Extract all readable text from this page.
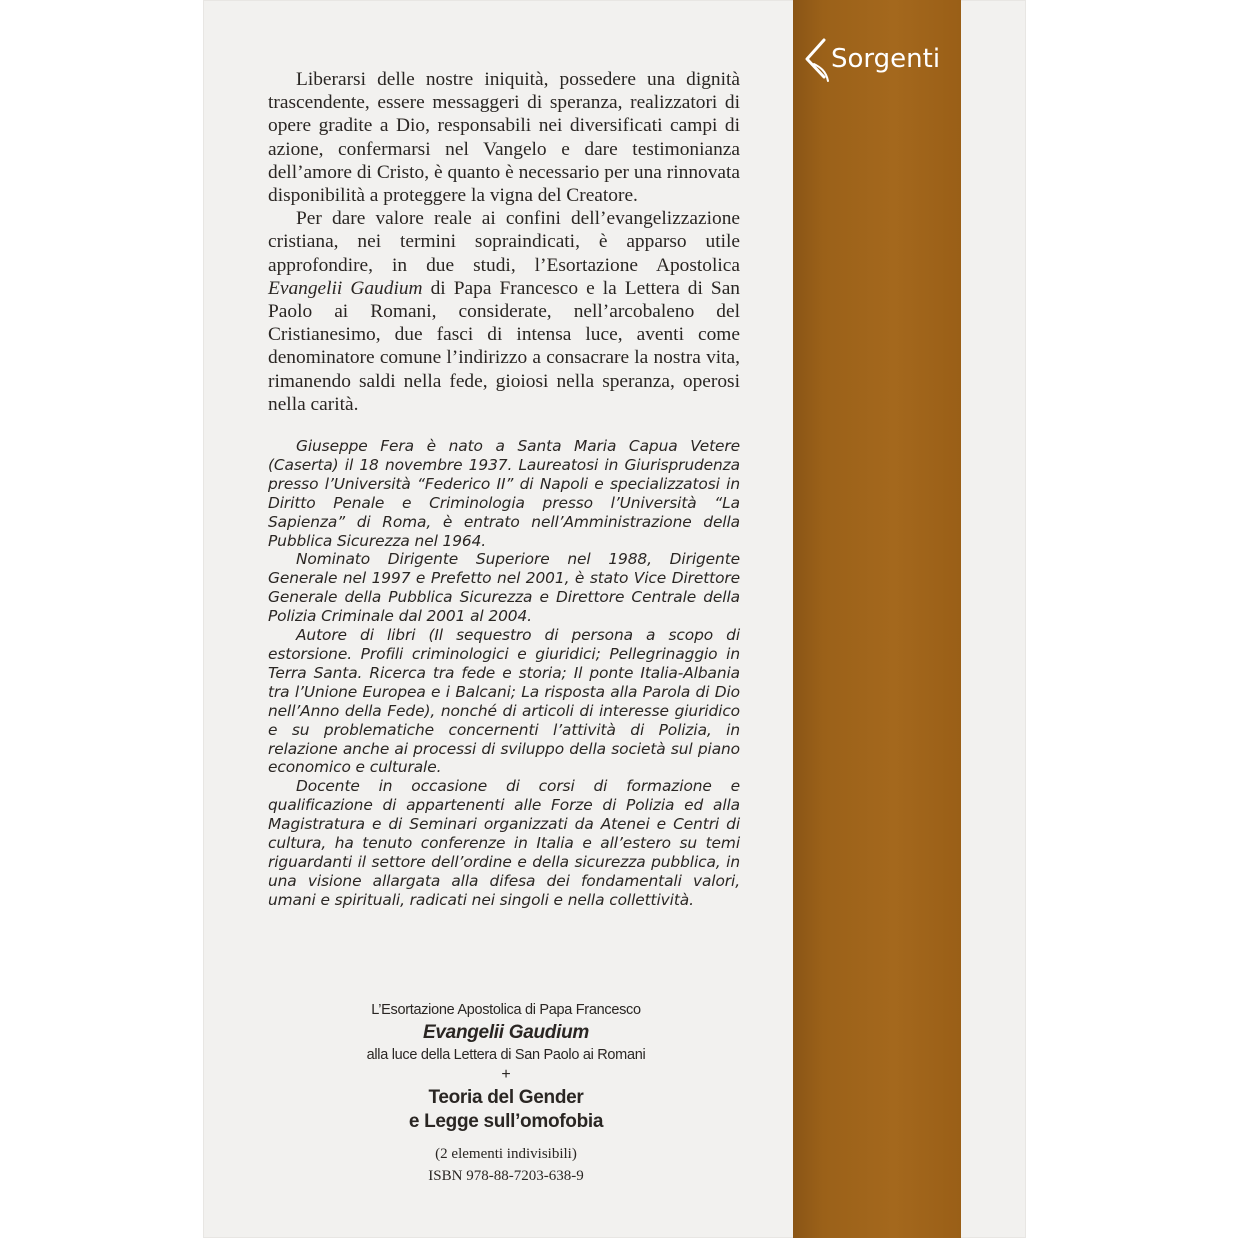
Sorgenti

Liberarsi delle nostre iniquità, possedere una dignità trascendente, essere messaggeri di speranza, realizzatori di opere gradite a Dio, responsabili nei diversificati campi di azione, confermarsi nel Vangelo e dare testimonianza dell’amore di Cristo, è quanto è necessario per una rinnovata disponibilità a proteggere la vigna del Creatore.

Per dare valore reale ai confini dell’evangelizzazione cristiana, nei termini sopraindicati, è apparso utile approfondire, in due studi, l’Esortazione Apostolica Evangelii Gaudium di Papa Francesco e la Lettera di San Paolo ai Romani, considerate, nell’arcobaleno del Cristianesimo, due fasci di intensa luce, aventi come denominatore comune l’indirizzo a consacrare la nostra vita, rimanendo saldi nella fede, gioiosi nella speranza, operosi nella carità.

Giuseppe Fera è nato a Santa Maria Capua Vetere (Caserta) il 18 novembre 1937. Laureatosi in Giurisprudenza presso l’Università “Federico II” di Napoli e specializzatosi in Diritto Penale e Criminologia presso l’Università “La Sapienza” di Roma, è entrato nell’Amministrazione della Pubblica Sicurezza nel 1964.

Nominato Dirigente Superiore nel 1988, Dirigente Generale nel 1997 e Prefetto nel 2001, è stato Vice Direttore Generale della Pubblica Sicurezza e Direttore Centrale della Polizia Criminale dal 2001 al 2004.

Autore di libri (Il sequestro di persona a scopo di estorsione. Profili criminologici e giuridici; Pellegrinaggio in Terra Santa. Ricerca tra fede e storia; Il ponte Italia-Albania tra l’Unione Europea e i Balcani; La risposta alla Parola di Dio nell’Anno della Fede), nonché di articoli di interesse giuridico e su problematiche concernenti l’attività di Polizia, in relazione anche ai processi di sviluppo della società sul piano economico e culturale.

Docente in occasione di corsi di formazione e qualificazione di appartenenti alle Forze di Polizia ed alla Magistratura e di Seminari organizzati da Atenei e Centri di cultura, ha tenuto conferenze in Italia e all’estero su temi riguardanti il settore dell’ordine e della sicurezza pubblica, in una visione allargata alla difesa dei fondamentali valori, umani e spirituali, radicati nei singoli e nella collettività.

L’Esortazione Apostolica di Papa Francesco
Evangelii Gaudium
alla luce della Lettera di San Paolo ai Romani
+
Teoria del Gender
e Legge sull’omofobia
(2 elementi indivisibili)
ISBN 978-88-7203-638-9
